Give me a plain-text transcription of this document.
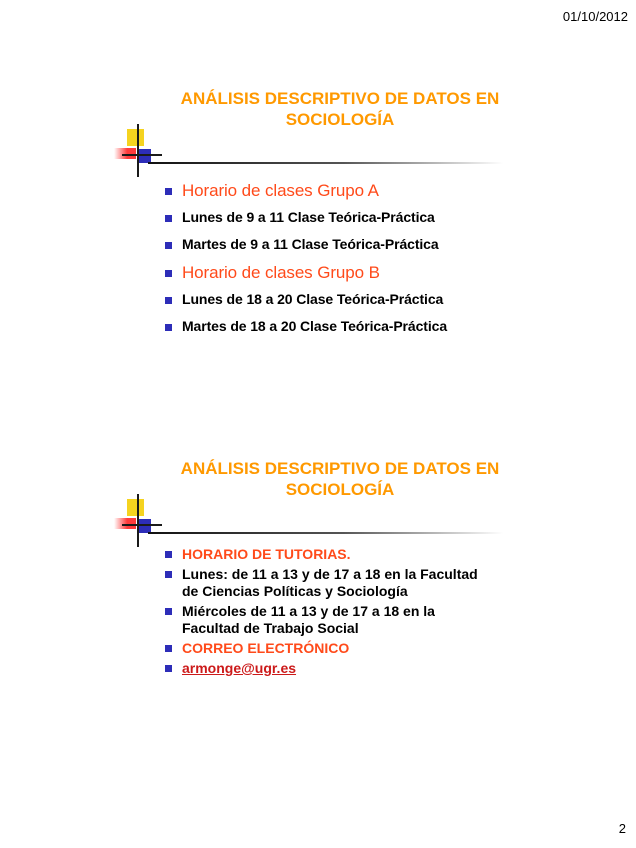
01/10/2012
ANÁLISIS DESCRIPTIVO DE DATOS EN SOCIOLOGÍA
Horario de clases Grupo A
Lunes de 9 a 11 Clase Teórica-Práctica
Martes de 9 a 11 Clase Teórica-Práctica
Horario de clases Grupo B
Lunes de 18 a 20 Clase Teórica-Práctica
Martes de 18 a 20 Clase Teórica-Práctica
ANÁLISIS DESCRIPTIVO DE DATOS EN SOCIOLOGÍA
HORARIO DE TUTORIAS.
Lunes: de 11 a 13 y de 17 a 18 en la Facultad de Ciencias Políticas y Sociología
Miércoles de 11 a 13 y de 17 a 18 en la Facultad de Trabajo Social
CORREO ELECTRÓNICO
armonge@ugr.es
2
